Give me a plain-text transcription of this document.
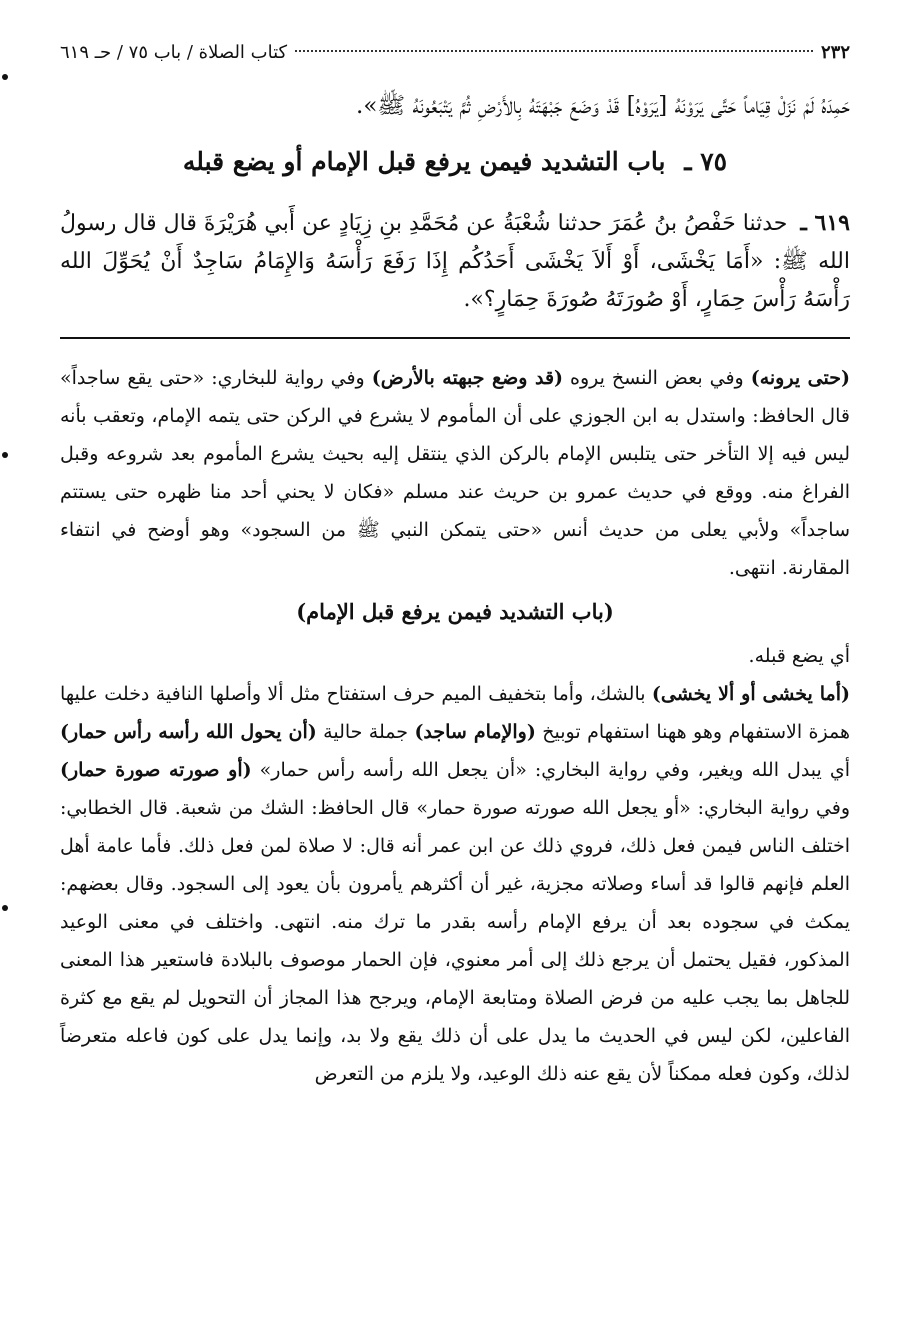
٢٣٢
كتاب الصلاة / باب ٧٥ / حـ ٦١٩
حَمِدَهُ لَمْ نَزَلْ قِيَاماً حَتَّى يَرَوْنَهُ [يَرَوْهُ] قَدْ وَضَعَ جَبْهَتَهُ بِالأَرْضِ ثُمَّ يَتْبَعُونَهُ ﷺ».
٧٥ ـ باب التشديد فيمن يرفع قبل الإمام أو يضع قبله

٦١٩ ـ حدثنا حَفْصُ بنُ عُمَرَ حدثنا شُعْبَةُ عن مُحَمَّدِ بنِ زِيَادٍ عن أَبي هُرَيْرَةَ قال قال رسولُ الله ﷺ: «أَمَا يَخْشَى، أَوْ أَلاَ يَخْشَى أَحَدُكُم إِذَا رَفَعَ رَأْسَهُ وَالإِمَامُ سَاجِدٌ أَنْ يُحَوِّلَ الله رَأْسَهُ رَأْسَ حِمَارٍ، أَوْ صُورَتَهُ صُورَةَ حِمَارٍ؟».

(حتى يرونه) وفي بعض النسخ يروه (قد وضع جبهته بالأرض) وفي رواية للبخاري: «حتى يقع ساجداً» قال الحافظ: واستدل به ابن الجوزي على أن المأموم لا يشرع في الركن حتى يتمه الإمام، وتعقب بأنه ليس فيه إلا التأخر حتى يتلبس الإمام بالركن الذي ينتقل إليه بحيث يشرع المأموم بعد شروعه وقبل الفراغ منه. ووقع في حديث عمرو بن حريث عند مسلم «فكان لا يحني أحد منا ظهره حتى يستتم ساجداً» ولأبي يعلى من حديث أنس «حتى يتمكن النبي ﷺ من السجود» وهو أوضح في انتفاء المقارنة. انتهى.

(باب التشديد فيمن يرفع قبل الإمام)

أي يضع قبله.

(أما يخشى أو ألا يخشى) بالشك، وأما بتخفيف الميم حرف استفتاح مثل ألا وأصلها النافية دخلت عليها همزة الاستفهام وهو ههنا استفهام توبيخ (والإمام ساجد) جملة حالية (أن يحول الله رأسه رأس حمار) أي يبدل الله ويغير، وفي رواية البخاري: «أن يجعل الله رأسه رأس حمار» (أو صورته صورة حمار) وفي رواية البخاري: «أو يجعل الله صورته صورة حمار» قال الحافظ: الشك من شعبة. قال الخطابي: اختلف الناس فيمن فعل ذلك، فروي ذلك عن ابن عمر أنه قال: لا صلاة لمن فعل ذلك. فأما عامة أهل العلم فإنهم قالوا قد أساء وصلاته مجزية، غير أن أكثرهم يأمرون بأن يعود إلى السجود. وقال بعضهم: يمكث في سجوده بعد أن يرفع الإمام رأسه بقدر ما ترك منه. انتهى. واختلف في معنى الوعيد المذكور، فقيل يحتمل أن يرجع ذلك إلى أمر معنوي، فإن الحمار موصوف بالبلادة فاستعير هذا المعنى للجاهل بما يجب عليه من فرض الصلاة ومتابعة الإمام، ويرجح هذا المجاز أن التحويل لم يقع مع كثرة الفاعلين، لكن ليس في الحديث ما يدل على أن ذلك يقع ولا بد، وإنما يدل على كون فاعله متعرضاً لذلك، وكون فعله ممكناً لأن يقع عنه ذلك الوعيد، ولا يلزم من التعرض
